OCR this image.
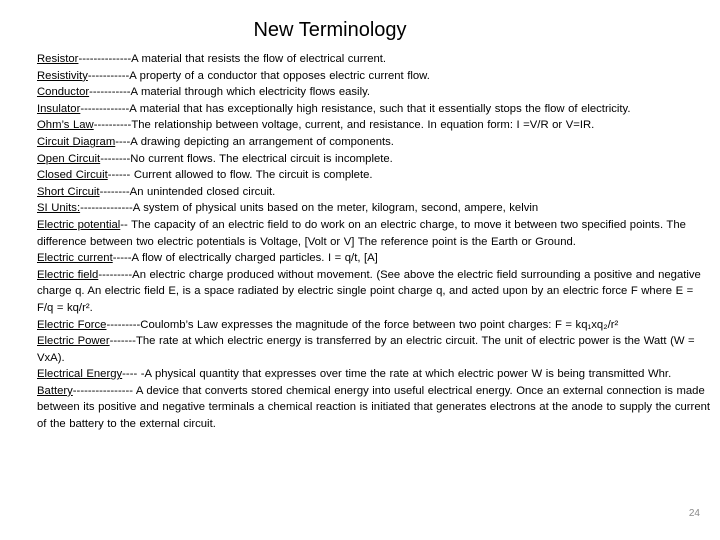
New Terminology

Resistor--------------A material that resists the flow of electrical current.

Resistivity-----------A property of a conductor that opposes electric current flow.

Conductor-----------A material through which electricity flows easily.

Insulator-------------A material that has exceptionally high resistance, such that it essentially stops the flow of electricity.

Ohm’s Law----------The relationship between voltage, current, and resistance. In equation form: I =V/R or V=IR.

Circuit Diagram----A drawing depicting an arrangement of components.

Open Circuit--------No current flows. The electrical circuit is incomplete.

Closed Circuit------ Current allowed to flow. The circuit is complete.

Short Circuit--------An unintended closed circuit.

SI Units:--------------A system of physical units based on the meter, kilogram, second, ampere, kelvin

Electric potential-- The capacity of an electric field to do work on an electric charge, to move it between two specified points. The difference between two electric potentials is Voltage, [Volt or V] The reference point is the Earth or Ground.

Electric current-----A flow of electrically charged particles. I = q/t, [A]

Electric field---------An electric charge produced without movement. (See above the electric field surrounding a positive and negative charge q. An electric field E, is a space radiated by electric single point charge q, and acted upon by an electric force F where E = F/q = kq/r².

Electric Force---------Coulomb’s Law expresses the magnitude of the force between two point charges: F = kq₁xq₂/r²

Electric Power-------The rate at which electric energy is transferred by an electric circuit. The unit of electric power is the Watt (W = VxA).

Electrical Energy---- -A physical quantity that expresses over time the rate at which electric power W is being transmitted Whr.

Battery---------------- A device that converts stored chemical energy into useful electrical energy. Once an external connection is made between its positive and negative terminals a chemical reaction is initiated that generates electrons at the anode to supply the current of the battery to the external circuit.

24
